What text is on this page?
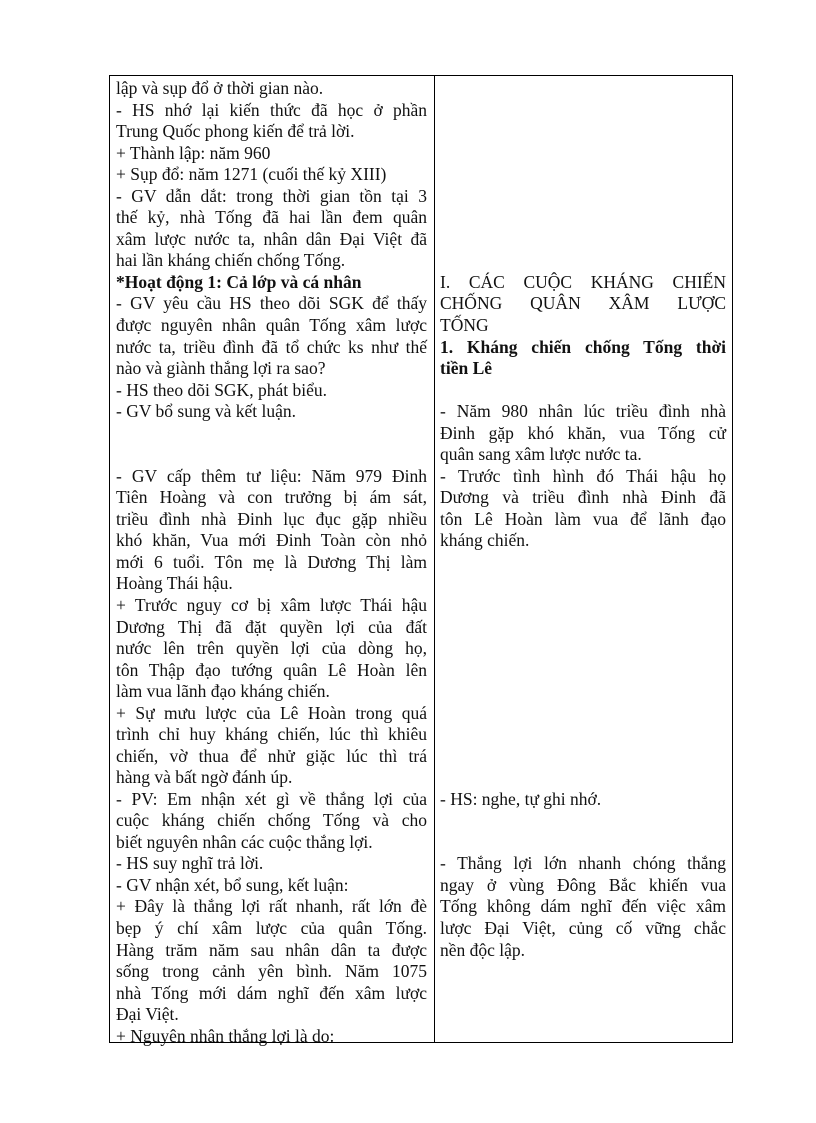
lập và sụp đổ ở thời gian nào.
- HS nhớ lại kiến thức đã học ở phần
Trung Quốc phong kiến để trả lời.
+ Thành lập: năm 960
+ Sụp đổ: năm 1271 (cuối thế kỷ XIII)
- GV dẫn dắt: trong thời gian tồn tại 3
thế kỷ, nhà Tống đã hai lần đem quân
xâm lược nước ta, nhân dân Đại Việt đã
hai lần kháng chiến chống Tống.
*Hoạt động 1: Cả lớp và cá nhân
- GV yêu cầu HS theo dõi SGK để thấy
được nguyên nhân quân Tống xâm lược
nước ta, triều đình đã tổ chức ks như thế
nào và giành thắng lợi ra sao?
- HS theo dõi SGK, phát biểu.
- GV bổ sung và kết luận.
- GV cấp thêm tư liệu: Năm 979 Đinh
Tiên Hoàng và con trưởng bị ám sát,
triều đình nhà Đinh lục đục gặp nhiều
khó khăn, Vua mới Đinh Toàn còn nhỏ
mới 6 tuổi. Tôn mẹ là Dương Thị làm
Hoàng Thái hậu.
+ Trước nguy cơ bị xâm lược Thái hậu
Dương Thị đã đặt quyền lợi của đất
nước lên trên quyền lợi của dòng họ,
tôn Thập đạo tướng quân Lê Hoàn lên
làm vua lãnh đạo kháng chiến.
+ Sự mưu lược của Lê Hoàn trong quá
trình chỉ huy kháng chiến, lúc thì khiêu
chiến, vờ thua để nhử giặc lúc thì trá
hàng và bất ngờ đánh úp.
- PV: Em nhận xét gì về thắng lợi của
cuộc kháng chiến chống Tống và cho
biết nguyên nhân các cuộc thắng lợi.
- HS suy nghĩ trả lời.
- GV nhận xét, bổ sung, kết luận:
+ Đây là thắng lợi rất nhanh, rất lớn đè
bẹp ý chí xâm lược của quân Tống.
Hàng trăm năm sau nhân dân ta được
sống trong cảnh yên bình. Năm 1075
nhà Tống mới dám nghĩ đến xâm lược
Đại Việt.
+ Nguyên nhân thắng lợi là do:
I. CÁC CUỘC KHÁNG CHIẾN
CHỐNG QUÂN XÂM LƯỢC
TỐNG
1. Kháng chiến chống Tống thời
tiền Lê
- Năm 980 nhân lúc triều đình nhà
Đinh gặp khó khăn, vua Tống cử
quân sang xâm lược nước ta.
- Trước tình hình đó Thái hậu họ
Dương và triều đình nhà Đinh đã
tôn Lê Hoàn làm vua để lãnh đạo
kháng chiến.
- HS: nghe, tự ghi nhớ.
- Thắng lợi lớn nhanh chóng thắng
ngay ở vùng Đông Bắc khiến vua
Tống không dám nghĩ đến việc xâm
lược Đại Việt, củng cố vững chắc
nền độc lập.
